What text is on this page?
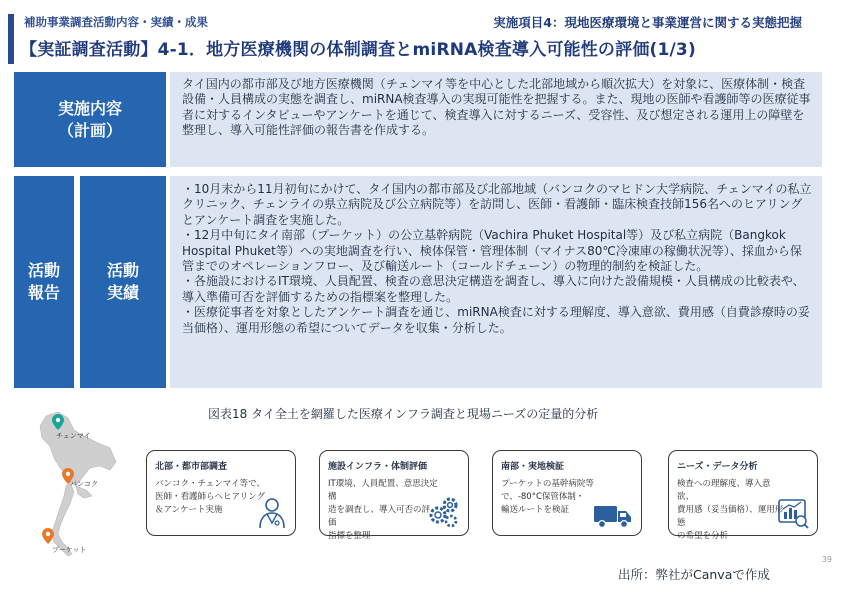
補助事業調査活動内容・実績・成果	実施項目4：現地医療環境と事業運営に関する実態把握
【実証調査活動】4-1．地方医療機関の体制調査とmiRNA検査導入可能性の評価(1/3)
実施内容
（計画）
タイ国内の都市部及び地方医療機関（チェンマイ等を中心とした北部地域から順次拡大）を対象に、医療体制・検査設備・人員構成の実態を調査し、miRNA検査導入の実現可能性を把握する。また、現地の医師や看護師等の医療従事者に対するインタビューやアンケートを通じて、検査導入に対するニーズ、受容性、及び想定される運用上の障壁を整理し、導入可能性評価の報告書を作成する。
活動
報告
活動
実績

・10月末から11月初旬にかけて、タイ国内の都市部及び北部地域（バンコクのマヒドン大学病院、チェンマイの私立クリニック、チェンライの県立病院及び公立病院等）を訪問し、医師・看護師・臨床検査技師156名へのヒアリングとアンケート調査を実施した。

・12月中旬にタイ南部（プーケット）の公立基幹病院（Vachira Phuket Hospital等）及び私立病院（Bangkok Hospital Phuket等）への実地調査を行い、検体保管・管理体制（マイナス80℃冷凍庫の稼働状況等）、採血から保管までのオペレーションフロー、及び輸送ルート（コールドチェーン）の物理的制約を検証した。

・各施設におけるIT環境、人員配置、検査の意思決定構造を調査し、導入に向けた設備規模・人員構成の比較表や、導入準備可否を評価するための指標案を整理した。

・医療従事者を対象としたアンケート調査を通じ、miRNA検査に対する理解度、導入意欲、費用感（自費診療時の妥当価格）、運用形態の希望についてデータを収集・分析した。

図表18 タイ全土を網羅した医療インフラ調査と現場ニーズの定量的分析
チェンマイ
バンコク
プーケット
北部・都市部調査
バンコク・チェンマイ等で、
医師・看護師らへヒアリング
＆アンケート実施
施設インフラ・体制評価
IT環境、人員配置、意思決定構
造を調査し、導入可否の評価
指標を整理
南部・実地検証
プーケットの基幹病院等
で、-80°C保管体制・
輸送ルートを検証
ニーズ・データ分析
検査への理解度、導入意欲、
費用感（妥当価格）、運用形態
の希望を分析
出所：弊社がCanvaで作成
39
